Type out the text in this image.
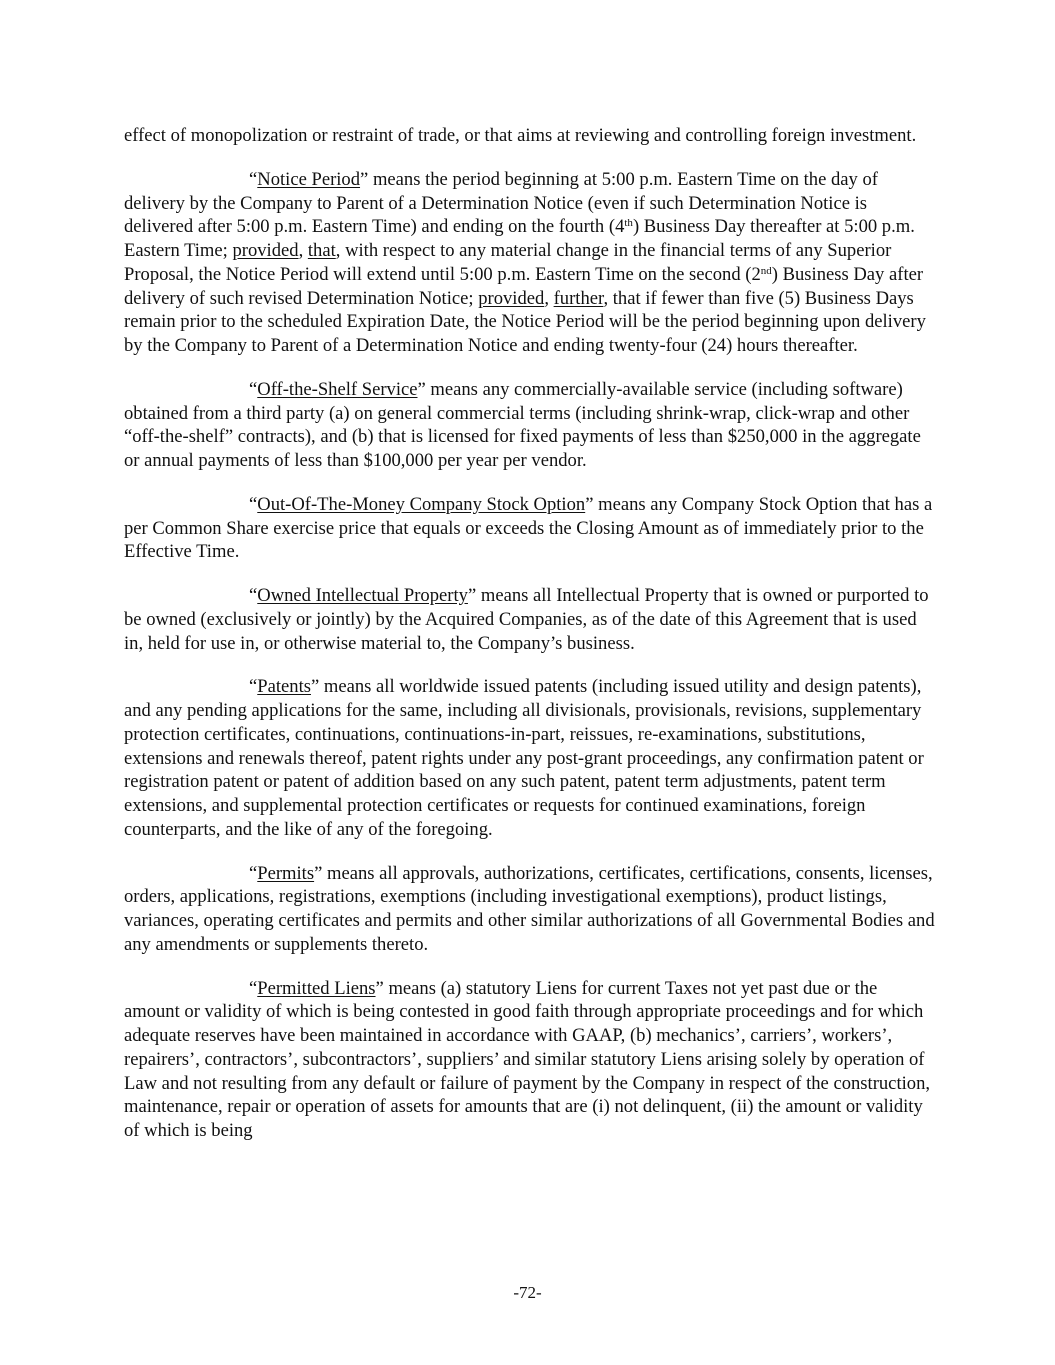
effect of monopolization or restraint of trade, or that aims at reviewing and controlling foreign investment.

“Notice Period” means the period beginning at 5:00 p.m. Eastern Time on the day of delivery by the Company to Parent of a Determination Notice (even if such Determination Notice is delivered after 5:00 p.m. Eastern Time) and ending on the fourth (4th) Business Day thereafter at 5:00 p.m. Eastern Time; provided, that, with respect to any material change in the financial terms of any Superior Proposal, the Notice Period will extend until 5:00 p.m. Eastern Time on the second (2nd) Business Day after delivery of such revised Determination Notice; provided, further, that if fewer than five (5) Business Days remain prior to the scheduled Expiration Date, the Notice Period will be the period beginning upon delivery by the Company to Parent of a Determination Notice and ending twenty-four (24) hours thereafter.

“Off-the-Shelf Service” means any commercially-available service (including software) obtained from a third party (a) on general commercial terms (including shrink-wrap, click-wrap and other “off-the-shelf” contracts), and (b) that is licensed for fixed payments of less than $250,000 in the aggregate or annual payments of less than $100,000 per year per vendor.

“Out-Of-The-Money Company Stock Option” means any Company Stock Option that has a per Common Share exercise price that equals or exceeds the Closing Amount as of immediately prior to the Effective Time.

“Owned Intellectual Property” means all Intellectual Property that is owned or purported to be owned (exclusively or jointly) by the Acquired Companies, as of the date of this Agreement that is used in, held for use in, or otherwise material to, the Company’s business.

“Patents” means all worldwide issued patents (including issued utility and design patents), and any pending applications for the same, including all divisionals, provisionals, revisions, supplementary protection certificates, continuations, continuations-in-part, reissues, re-examinations, substitutions, extensions and renewals thereof, patent rights under any post-grant proceedings, any confirmation patent or registration patent or patent of addition based on any such patent, patent term adjustments, patent term extensions, and supplemental protection certificates or requests for continued examinations, foreign counterparts, and the like of any of the foregoing.

“Permits” means all approvals, authorizations, certificates, certifications, consents, licenses, orders, applications, registrations, exemptions (including investigational exemptions), product listings, variances, operating certificates and permits and other similar authorizations of all Governmental Bodies and any amendments or supplements thereto.

“Permitted Liens” means (a) statutory Liens for current Taxes not yet past due or the amount or validity of which is being contested in good faith through appropriate proceedings and for which adequate reserves have been maintained in accordance with GAAP, (b) mechanics’, carriers’, workers’, repairers’, contractors’, subcontractors’, suppliers’ and similar statutory Liens arising solely by operation of Law and not resulting from any default or failure of payment by the Company in respect of the construction, maintenance, repair or operation of assets for amounts that are (i) not delinquent, (ii) the amount or validity of which is being

-72-
